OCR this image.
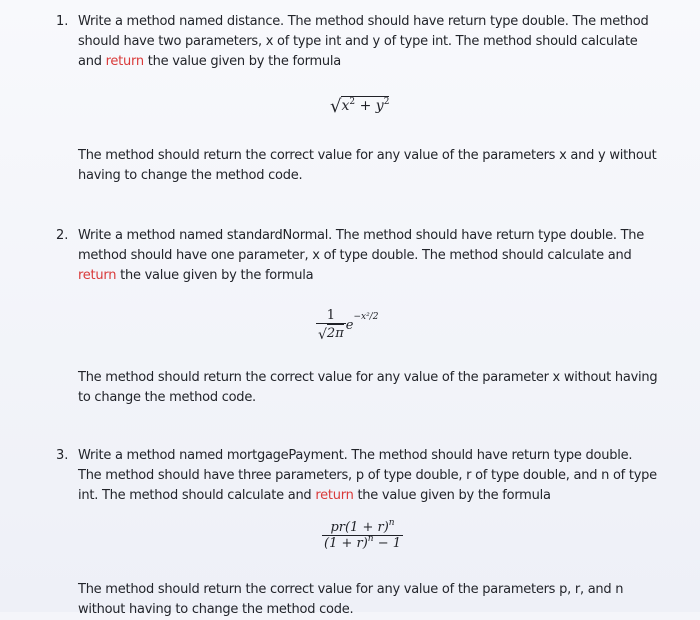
1. Write a method named distance. The method should have return type double. The method should have two parameters, x of type int and y of type int. The method should calculate and return the value given by the formula
$√x^2 + y^2$
The method should return the correct value for any value of the parameters x and y without having to change the method code.
2. Write a method named standardNormal. The method should have return type double. The method should have one parameter, x of type double. The method should calculate and return the value given by the formula
$\frac{1}{√2\pi} e^{-x^2/2}$
The method should return the correct value for any value of the parameter x without having to change the method code.
3. Write a method named mortgagePayment. The method should have return type double. The method should have three parameters, p of type double, r of type double, and n of type int. The method should calculate and return the value given by the formula
$\frac{pr(1 + r)^n}{(1 + r)^n - 1}$
The method should return the correct value for any value of the parameters p, r, and n without having to change the method code.
